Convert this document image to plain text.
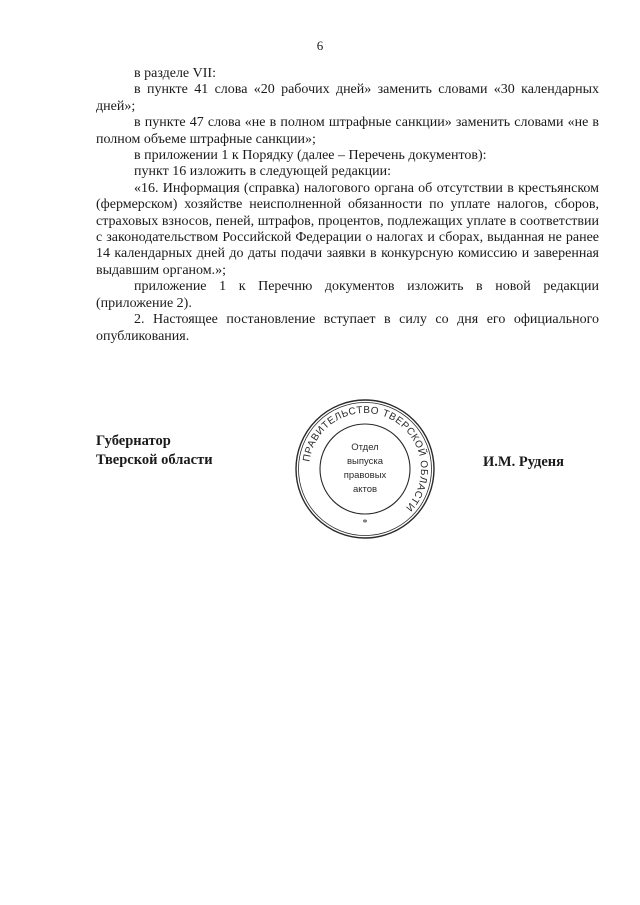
6

в разделе VII:

в пункте 41 слова «20 рабочих дней» заменить словами «30 календарных дней»;

в пункте 47 слова «не в полном штрафные санкции» заменить словами «не в полном объеме штрафные санкции»;

в приложении 1 к Порядку (далее – Перечень документов):

пункт 16 изложить в следующей редакции:

«16. Информация (справка) налогового органа об отсутствии в крестьянском (фермерском) хозяйстве неисполненной обязанности по уплате налогов, сборов, страховых взносов, пеней, штрафов, процентов, подлежащих уплате в соответствии с законодательством Российской Федерации о налогах и сборах, выданная не ранее 14 календарных дней до даты подачи заявки в конкурсную комиссию и заверенная выдавшим органом.»;

приложение 1 к Перечню документов изложить в новой редакции (приложение 2).

2. Настоящее постановление вступает в силу со дня его официального опубликования.

Губернатор
Тверской области	ПРАВИТЕЛЬСТВО ТВЕРСКОЙ ОБЛАСТИ
*
Отдел
выпуска
правовых
актов
И.М. Руденя
